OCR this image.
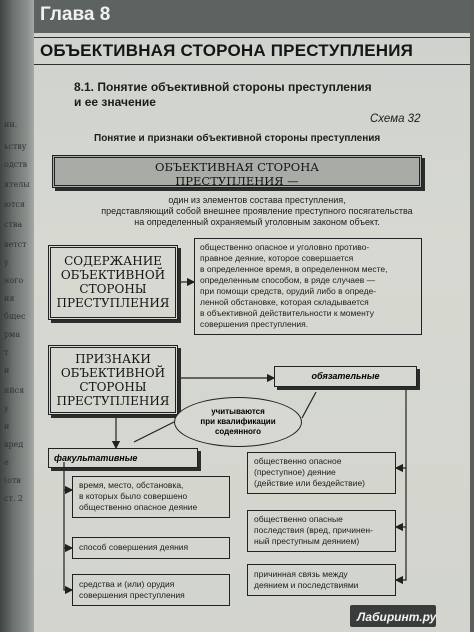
ии.
ьству
одств
ятелы
ются
ства
ветст
у
ного
ия
бщес
рма
т
и
ийся
у
и
вред
е
(отв
ст. 2
Глава 8
ОБЪЕКТИВНАЯ СТОРОНА ПРЕСТУПЛЕНИЯ
8.1. Понятие объективной стороны преступления
и ее значение
Схема 32
Понятие и признаки объективной стороны преступления
ОБЪЕКТИВНАЯ СТОРОНА
ПРЕСТУПЛЕНИЯ —
один из элементов состава преступления,
представляющий собой внешнее проявление преступного посягательства
на определенный охраняемый уголовным законом объект.
СОДЕРЖАНИЕ
ОБЪЕКТИВНОЙ
СТОРОНЫ
ПРЕСТУПЛЕНИЯ
общественно опасное и уголовно противо-
правное деяние, которое совершается
в определенное время, в определенном месте,
определенным способом, в ряде случаев —
при помощи средств, орудий либо в опреде-
ленной обстановке, которая складывается
в объективной действительности к моменту
совершения преступления.
ПРИЗНАКИ
ОБЪЕКТИВНОЙ
СТОРОНЫ
ПРЕСТУПЛЕНИЯ
обязательные
учитываются
при квалификации
содеянного
факультативные
время, место, обстановка,
в которых было совершено
общественно опасное деяние
способ совершения деяния
средства и (или) орудия
совершения преступления
общественно опасное
(преступное) деяние
(действие или бездействие)
общественно опасные
последствия (вред, причинен-
ный преступным деянием)
причинная связь между
деянием и последствиями
Лабиринт.ру
